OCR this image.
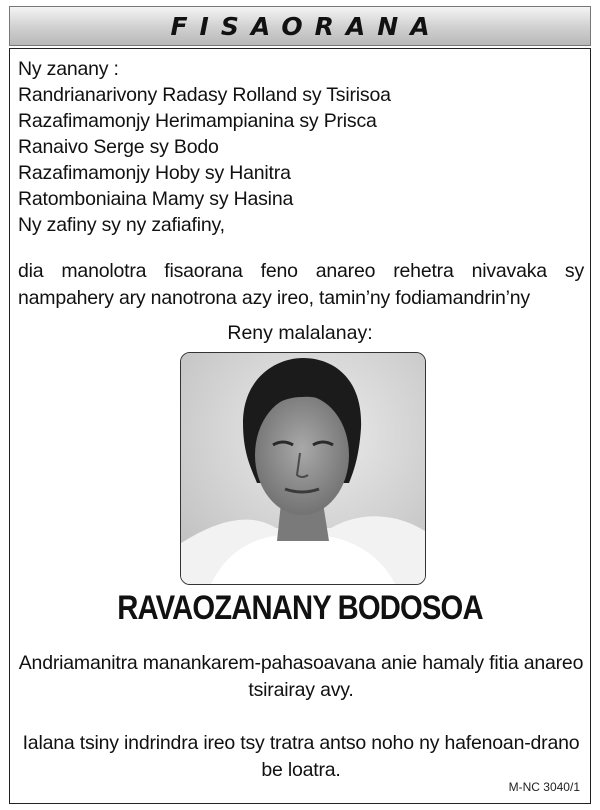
FISAORANA
Ny zanany :
Randrianarivony Radasy Rolland sy Tsirisoa
Razafimamonjy Herimampianina sy Prisca
Ranaivo Serge sy Bodo
Razafimamonjy Hoby sy Hanitra
Ratomboniaina Mamy sy Hasina
Ny zafiny sy ny zafiafiny,
dia manolotra fisaorana feno anareo rehetra nivavaka sy nampahery ary nanotrona azy ireo, tamin’ny fodiamandrin’ny
Reny malalanay:
RAVAOZANANY BODOSOA
Andriamanitra manankarem-pahasoavana anie hamaly fitia anareo tsirairay avy.
Ialana tsiny indrindra ireo tsy tratra antso noho ny hafenoan-drano be loatra.
M-NC 3040/1
